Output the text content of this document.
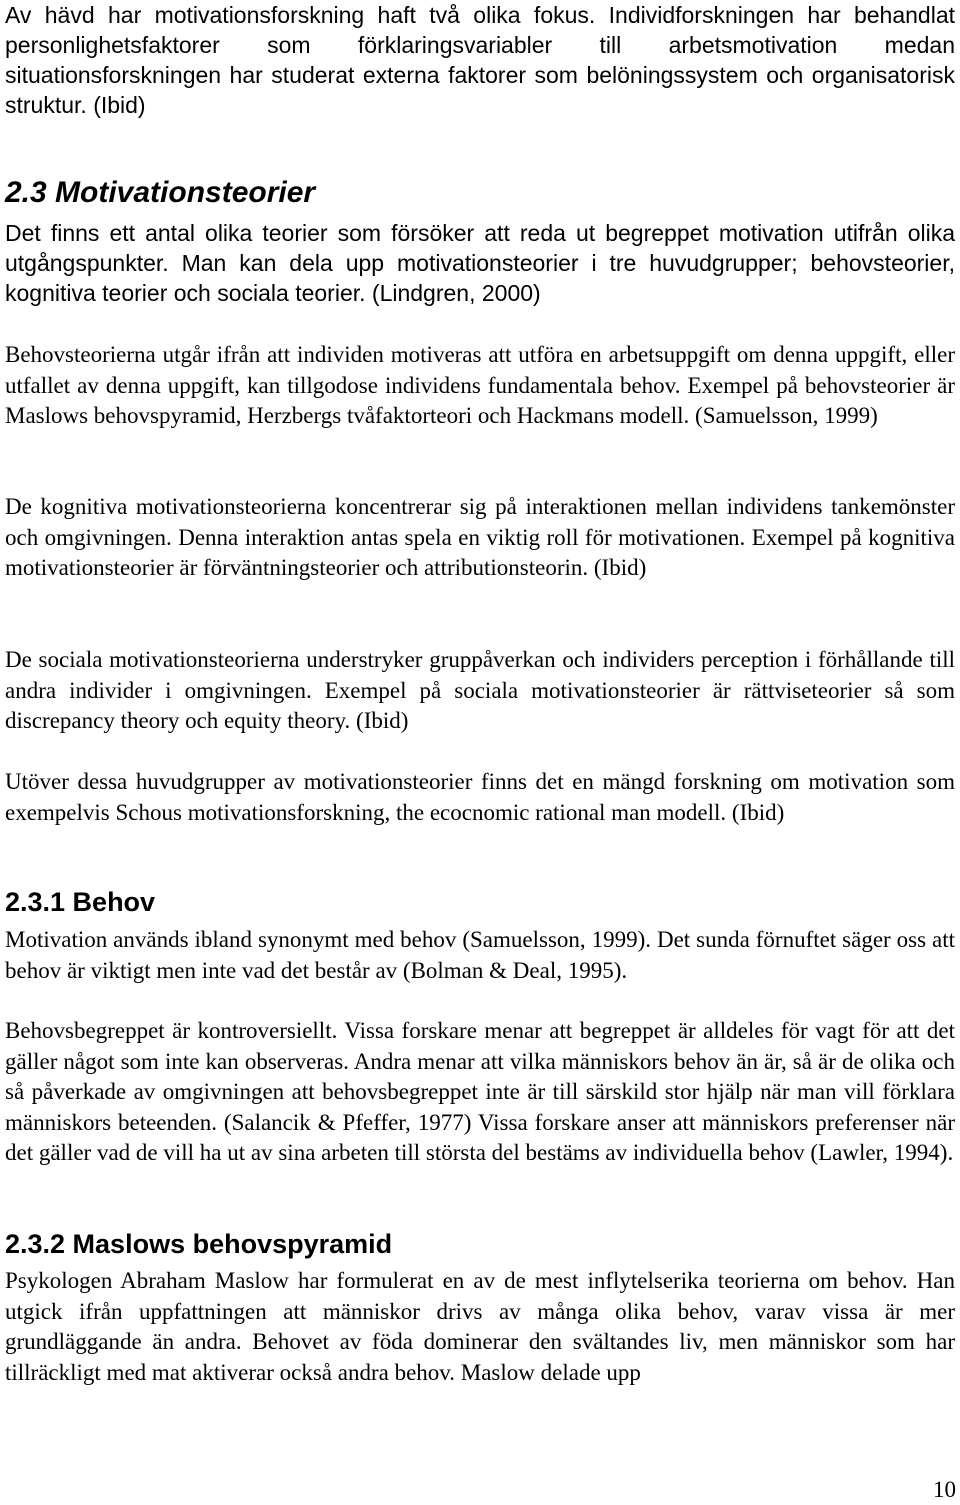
Av hävd har motivationsforskning haft två olika fokus. Individforskningen har behandlat personlighetsfaktorer som förklaringsvariabler till arbetsmotivation medan situationsforskningen har studerat externa faktorer som belöningssystem och organisatorisk struktur. (Ibid)

2.3 Motivationsteorier

Det finns ett antal olika teorier som försöker att reda ut begreppet motivation utifrån olika utgångspunkter. Man kan dela upp motivationsteorier i tre huvudgrupper; behovsteorier, kognitiva teorier och sociala teorier. (Lindgren, 2000)

Behovsteorierna utgår ifrån att individen motiveras att utföra en arbetsuppgift om denna uppgift, eller utfallet av denna uppgift, kan tillgodose individens fundamentala behov. Exempel på behovsteorier är Maslows behovspyramid, Herzbergs tvåfaktorteori och Hackmans modell. (Samuelsson, 1999)

De kognitiva motivationsteorierna koncentrerar sig på interaktionen mellan individens tankemönster och omgivningen. Denna interaktion antas spela en viktig roll för motivationen. Exempel på kognitiva motivationsteorier är förväntningsteorier och attributionsteorin. (Ibid)

De sociala motivationsteorierna understryker gruppåverkan och individers perception i förhållande till andra individer i omgivningen. Exempel på sociala motivationsteorier är rättviseteorier så som discrepancy theory och equity theory. (Ibid)

Utöver dessa huvudgrupper av motivationsteorier finns det en mängd forskning om motivation som exempelvis Schous motivationsforskning, the ecocnomic rational man modell. (Ibid)

2.3.1 Behov

Motivation används ibland synonymt med behov (Samuelsson, 1999). Det sunda förnuftet säger oss att behov är viktigt men inte vad det består av (Bolman & Deal, 1995).

Behovsbegreppet är kontroversiellt. Vissa forskare menar att begreppet är alldeles för vagt för att det gäller något som inte kan observeras. Andra menar att vilka människors behov än är, så är de olika och så påverkade av omgivningen att behovsbegreppet inte är till särskild stor hjälp när man vill förklara människors beteenden. (Salancik & Pfeffer, 1977) Vissa forskare anser att människors preferenser när det gäller vad de vill ha ut av sina arbeten till största del bestäms av individuella behov (Lawler, 1994).

2.3.2 Maslows behovspyramid

Psykologen Abraham Maslow har formulerat en av de mest inflytelserika teorierna om behov. Han utgick ifrån uppfattningen att människor drivs av många olika behov, varav vissa är mer grundläggande än andra. Behovet av föda dominerar den svältandes liv, men människor som har tillräckligt med mat aktiverar också andra behov. Maslow delade upp

10
